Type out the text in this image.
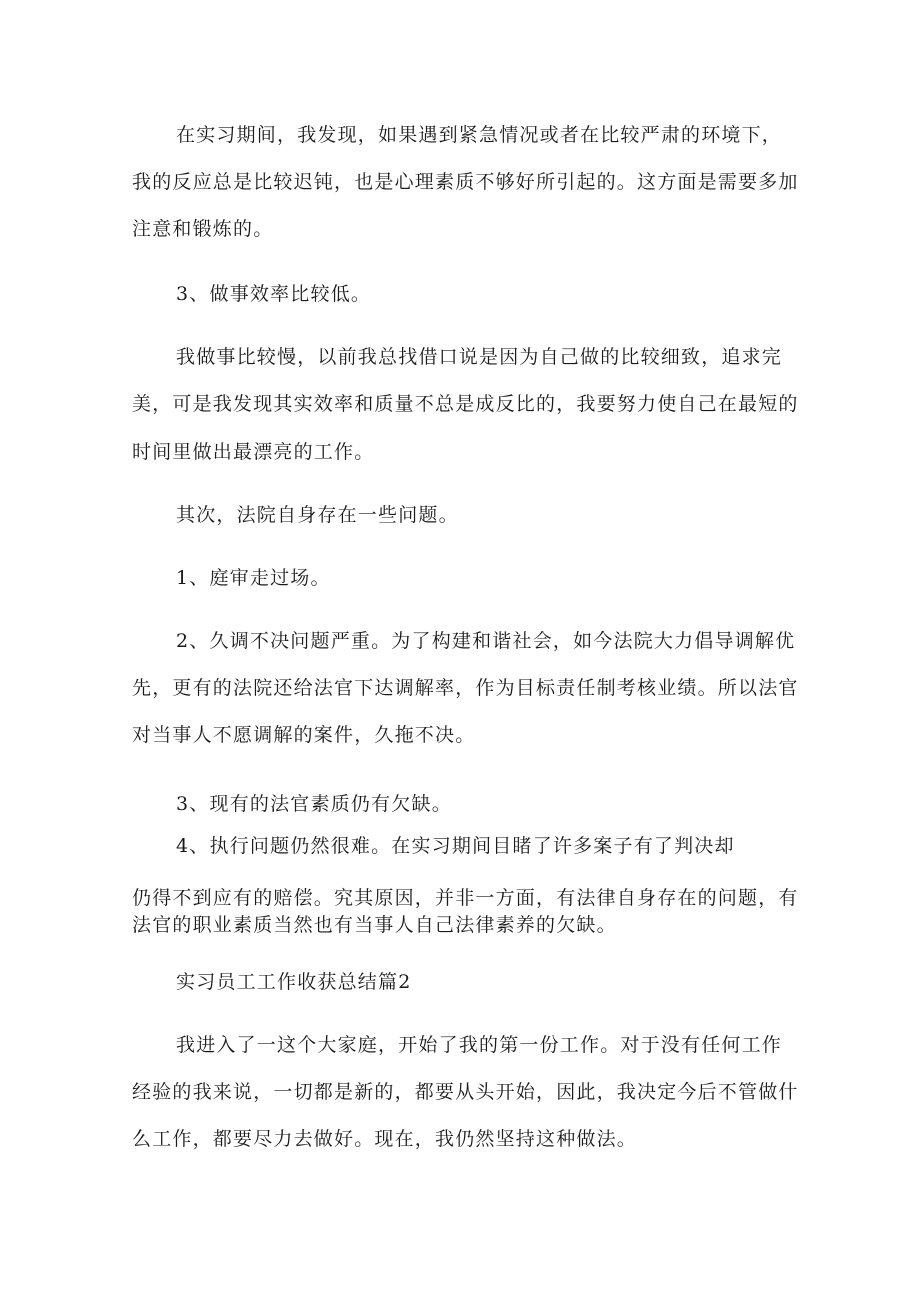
在实习期间，我发现，如果遇到紧急情况或者在比较严肃的环境下，
我的反应总是比较迟钝，也是心理素质不够好所引起的。这方面是需要多加
注意和锻炼的。
3、做事效率比较低。
我做事比较慢，以前我总找借口说是因为自己做的比较细致，追求完
美，可是我发现其实效率和质量不总是成反比的，我要努力使自己在最短的
时间里做出最漂亮的工作。
其次，法院自身存在一些问题。
1、庭审走过场。
2、久调不决问题严重。为了构建和谐社会，如今法院大力倡导调解优
先，更有的法院还给法官下达调解率，作为目标责任制考核业绩。所以法官
对当事人不愿调解的案件，久拖不决。
3、现有的法官素质仍有欠缺。
4、执行问题仍然很难。在实习期间目睹了许多案子有了判决却
仍得不到应有的赔偿。究其原因，并非一方面，有法律自身存在的问题，有
法官的职业素质当然也有当事人自己法律素养的欠缺。
实习员工工作收获总结篇2
我进入了一这个大家庭，开始了我的第一份工作。对于没有任何工作
经验的我来说，一切都是新的，都要从头开始，因此，我决定今后不管做什
么工作，都要尽力去做好。现在，我仍然坚持这种做法。
